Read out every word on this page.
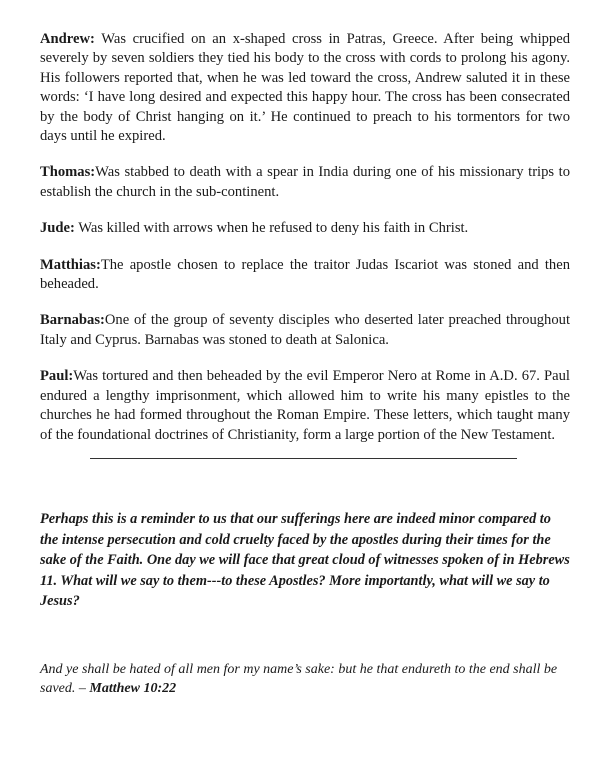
Andrew: Was crucified on an x-shaped cross in Patras, Greece. After being whipped severely by seven soldiers they tied his body to the cross with cords to prolong his agony. His followers reported that, when he was led toward the cross, Andrew saluted it in these words: ‘I have long desired and expected this happy hour. The cross has been consecrated by the body of Christ hanging on it.’ He continued to preach to his tormentors for two days until he expired.

Thomas:Was stabbed to death with a spear in India during one of his missionary trips to establish the church in the sub-continent.

Jude: Was killed with arrows when he refused to deny his faith in Christ.

Matthias:The apostle chosen to replace the traitor Judas Iscariot was stoned and then beheaded.

Barnabas:One of the group of seventy disciples who deserted later preached throughout Italy and Cyprus. Barnabas was stoned to death at Salonica.

Paul:Was tortured and then beheaded by the evil Emperor Nero at Rome in A.D. 67. Paul endured a lengthy imprisonment, which allowed him to write his many epistles to the churches he had formed throughout the Roman Empire. These letters, which taught many of the foundational doctrines of Christianity, form a large portion of the New Testament.

Perhaps this is a reminder to us that our sufferings here are indeed minor compared to the intense persecution and cold cruelty faced by the apostles during their times for the sake of the Faith. One day we will face that great cloud of witnesses spoken of in Hebrews 11. What will we say to them---to these Apostles? More importantly, what will we say to Jesus?

And ye shall be hated of all men for my name’s sake: but he that endureth to the end shall be saved. – Matthew 10:22
